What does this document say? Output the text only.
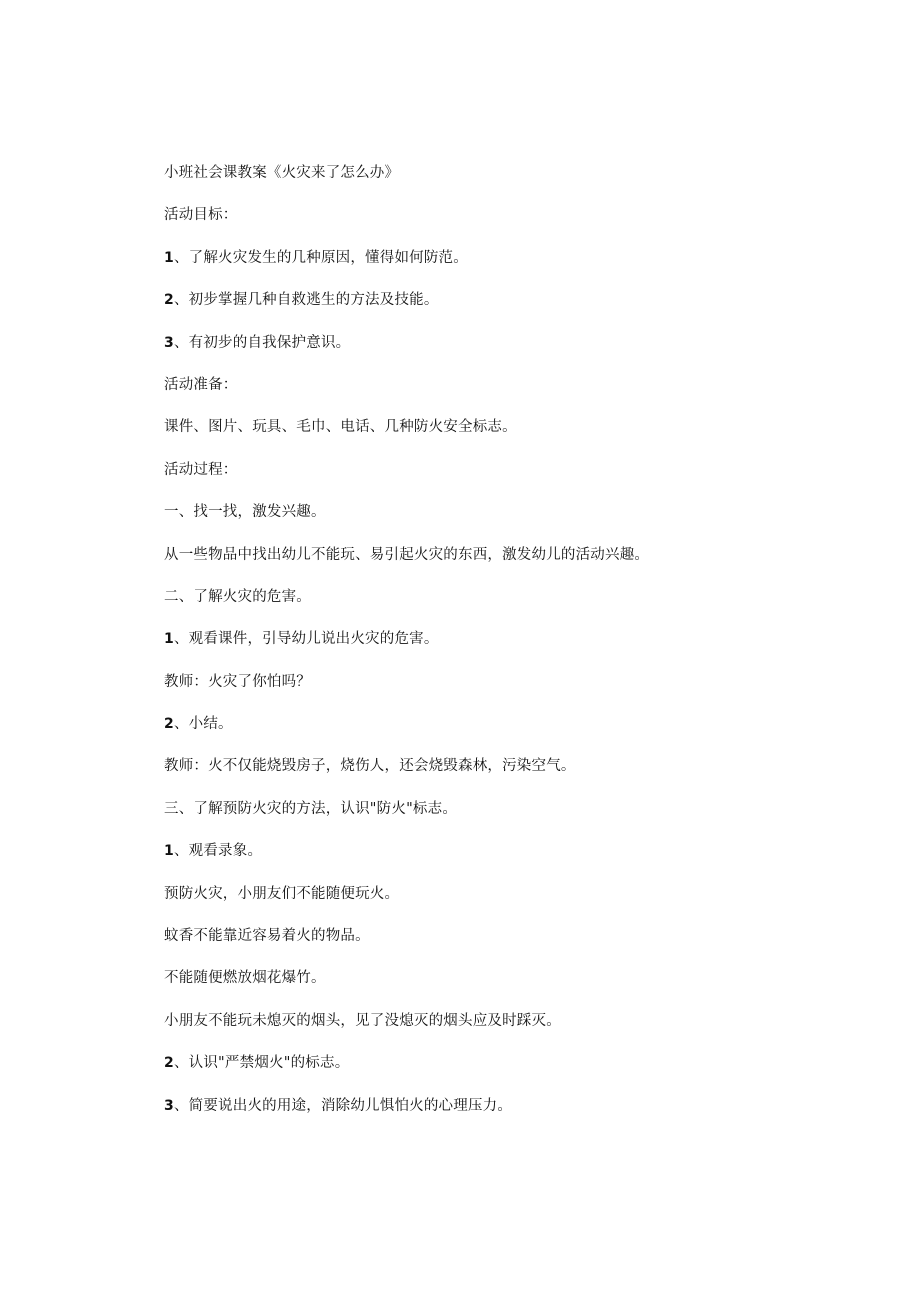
小班社会课教案《火灾来了怎么办》
活动目标：
1、了解火灾发生的几种原因，懂得如何防范。
2、初步掌握几种自救逃生的方法及技能。
3、有初步的自我保护意识。
活动准备：
课件、图片、玩具、毛巾、电话、几种防火安全标志。
活动过程：
一、找一找，激发兴趣。
从一些物品中找出幼儿不能玩、易引起火灾的东西，激发幼儿的活动兴趣。
二、了解火灾的危害。
1、观看课件，引导幼儿说出火灾的危害。
教师：火灾了你怕吗？
2、小结。
教师：火不仅能烧毁房子，烧伤人，还会烧毁森林，污染空气。
三、了解预防火灾的方法，认识"防火"标志。
1、观看录象。
预防火灾，小朋友们不能随便玩火。
蚊香不能靠近容易着火的物品。
不能随便燃放烟花爆竹。
小朋友不能玩未熄灭的烟头，见了没熄灭的烟头应及时踩灭。
2、认识"严禁烟火"的标志。
3、简要说出火的用途，消除幼儿惧怕火的心理压力。
